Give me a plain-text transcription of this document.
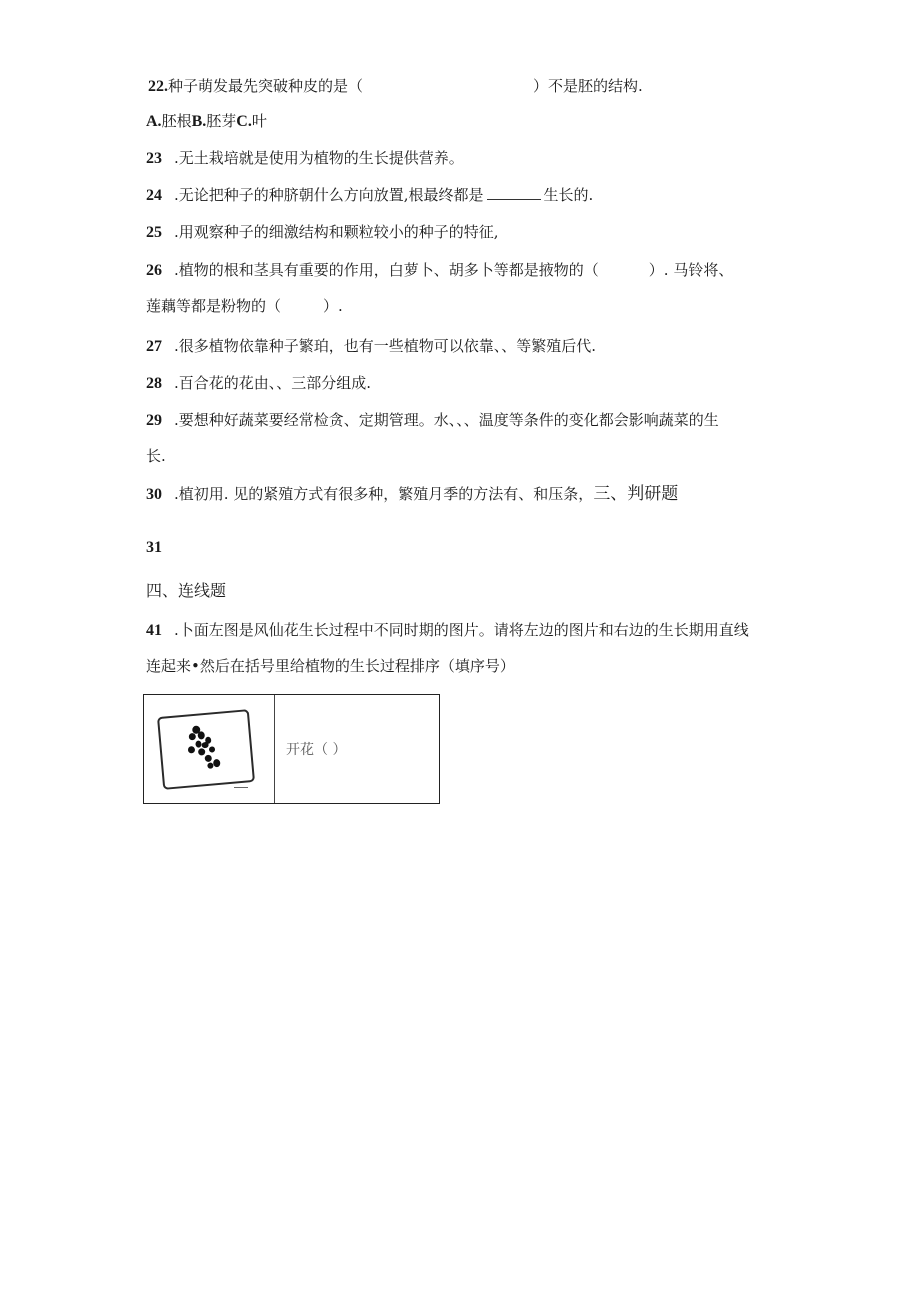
22.种子萌发最先突破种皮的是（	）不是胚的结构.
A.胚根B.胚芽C.叶
23 .无土栽培就是使用为植物的生长提供营养。
24 .无论把种子的种脐朝什么方向放置,根最终都是	生长的.
25 .用观察种子的细激结构和颗粒较小的种子的特征,
26 .植物的根和茎具有重要的作用，白萝卜、胡多卜等都是掖物的（	）. 马铃将、
莲藕等都是粉物的（	）.
27 .很多植物依靠种子繁珀，也有一些植物可以依靠、、等繁殖后代.
28 .百合花的花由、、三部分组成.
29 .要想种好蔬菜要经常检贪、定期管理。水、、、温度等条件的变化都会影响蔬菜的生
长.
30 .植初用. 见的紧殖方式有很多种，繁殖月季的方法有、和压条，三、判研题
31
四、连线题
41 .卜面左图是风仙花生长过程中不同时期的图片。请将左边的图片和右边的生长期用直线
连起来•然后在括号里给植物的生长过程排序（填序号）
开花（ ）
